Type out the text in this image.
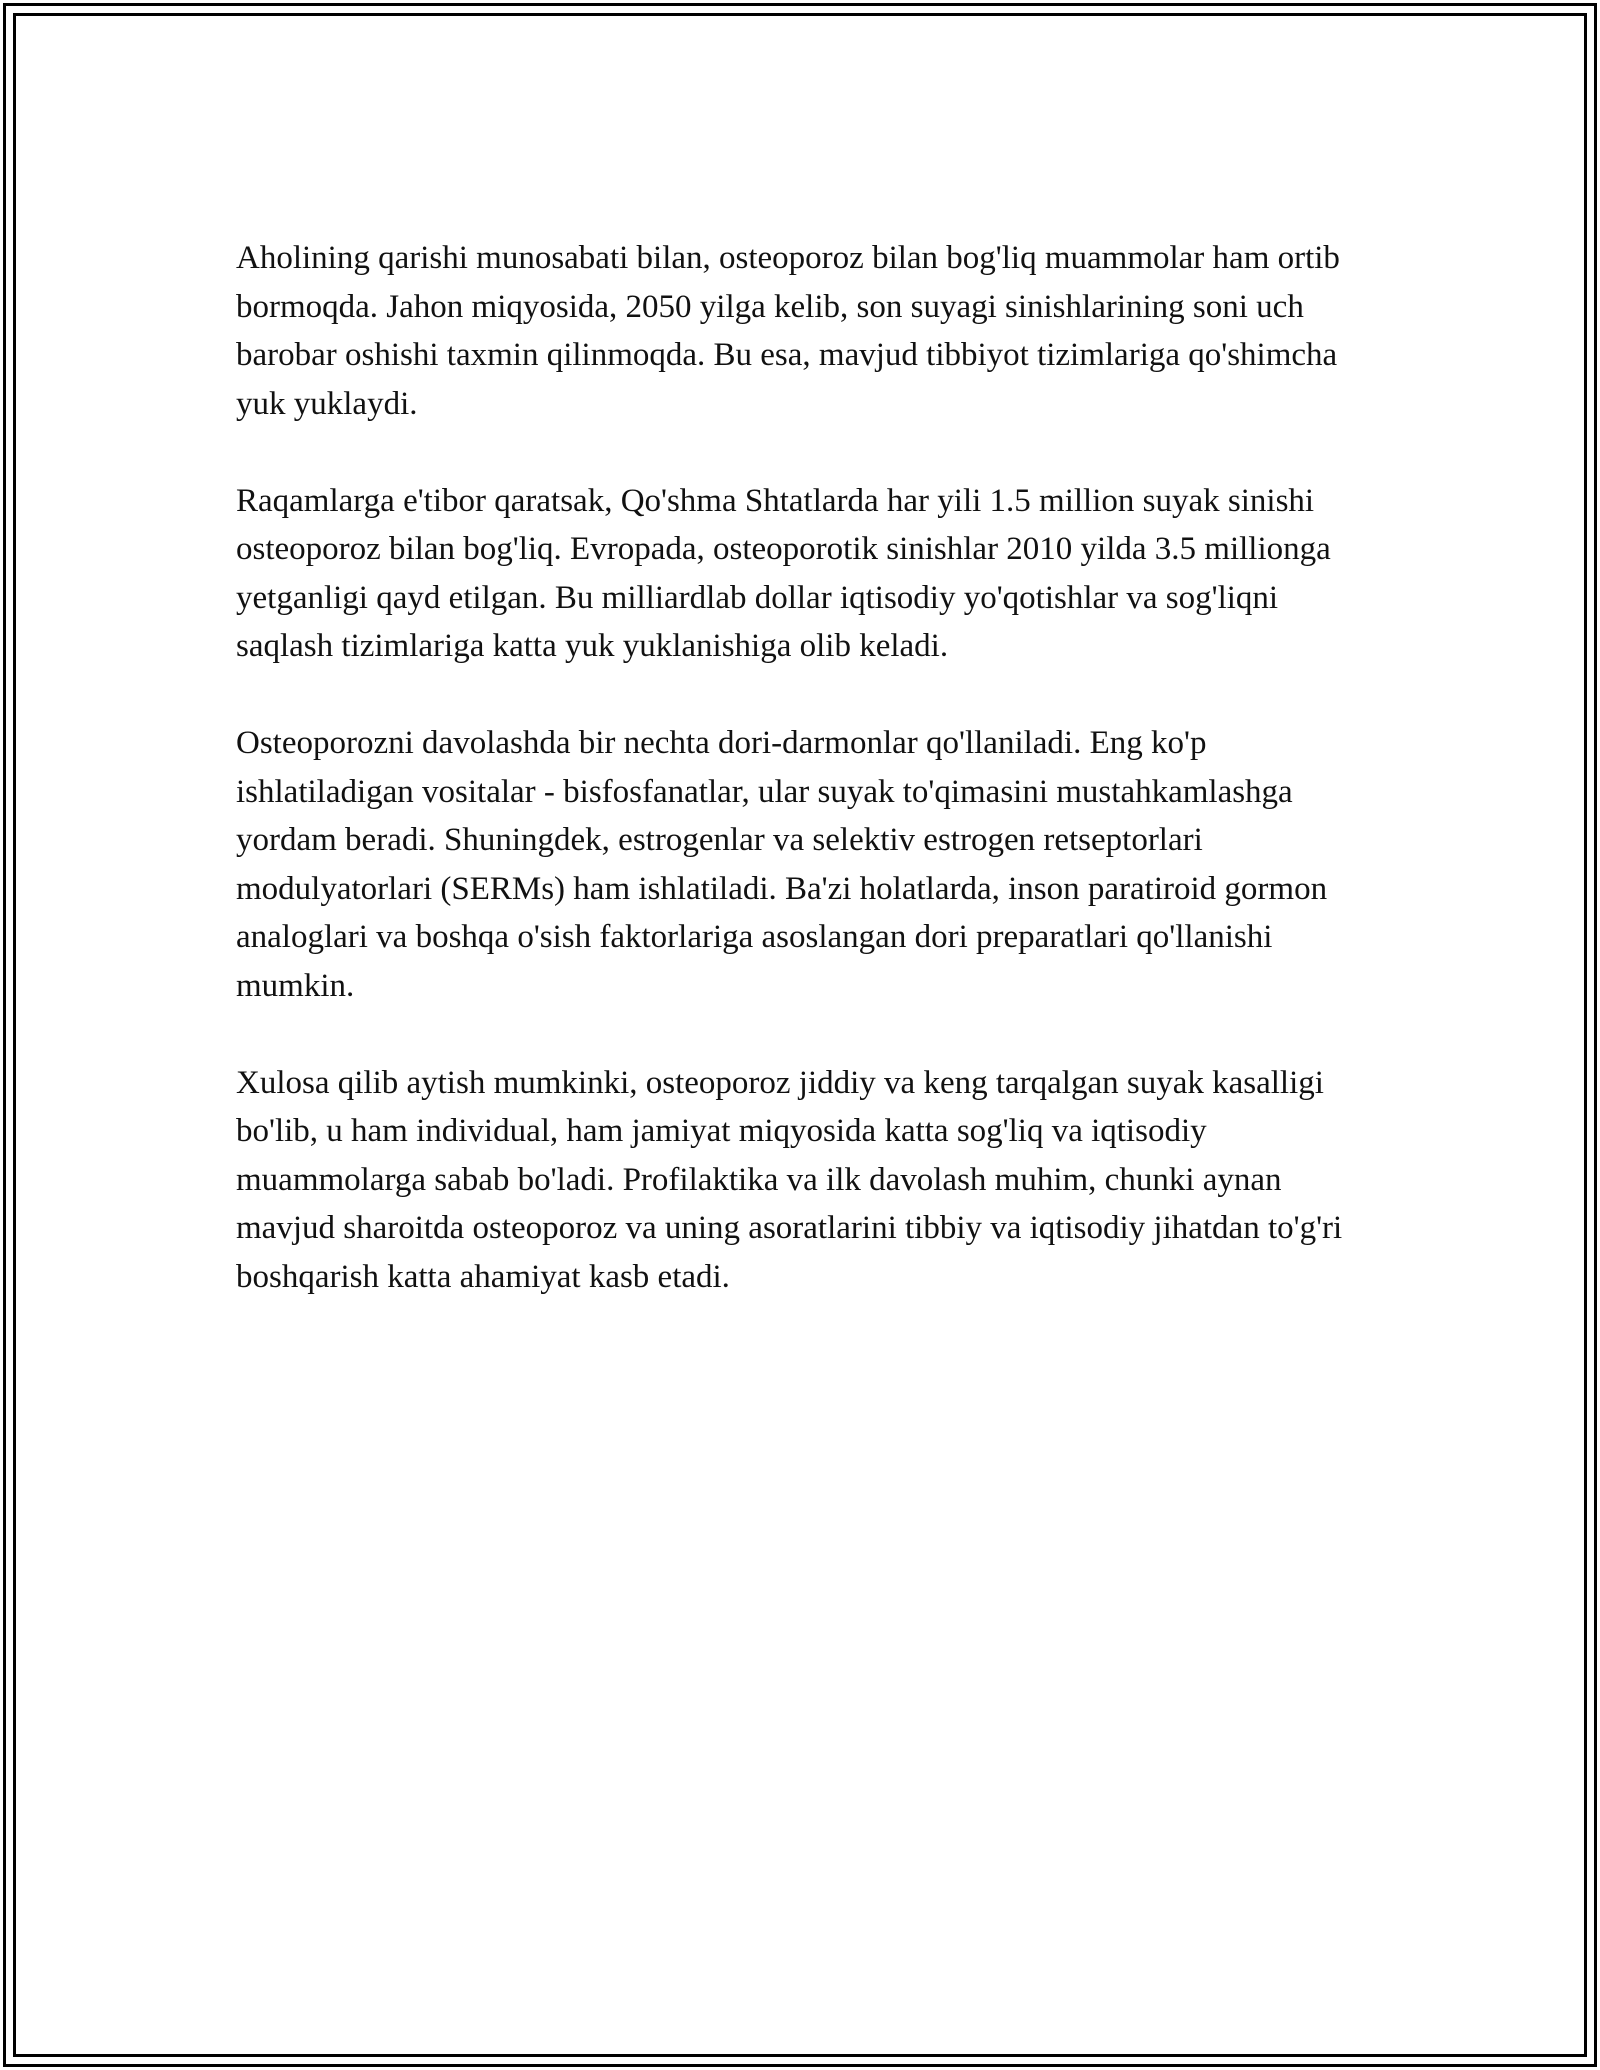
Aholining qarishi munosabati bilan, osteoporoz bilan bog'liq muammolar ham ortib bormoqda. Jahon miqyosida, 2050 yilga kelib, son suyagi sinishlarining soni uch barobar oshishi taxmin qilinmoqda. Bu esa, mavjud tibbiyot tizimlariga qo'shimcha yuk yuklaydi.

Raqamlarga e'tibor qaratsak, Qo'shma Shtatlarda har yili 1.5 million suyak sinishi osteoporoz bilan bog'liq. Evropada, osteoporotik sinishlar 2010 yilda 3.5 millionga yetganligi qayd etilgan. Bu milliardlab dollar iqtisodiy yo'qotishlar va sog'liqni saqlash tizimlariga katta yuk yuklanishiga olib keladi.

Osteoporozni davolashda bir nechta dori-darmonlar qo'llaniladi. Eng ko'p ishlatiladigan vositalar - bisfosfanatlar, ular suyak to'qimasini mustahkamlashga yordam beradi. Shuningdek, estrogenlar va selektiv estrogen retseptorlari modulyatorlari (SERMs) ham ishlatiladi. Ba'zi holatlarda, inson paratiroid gormon analoglari va boshqa o'sish faktorlariga asoslangan dori preparatlari qo'llanishi mumkin.

Xulosa qilib aytish mumkinki, osteoporoz jiddiy va keng tarqalgan suyak kasalligi bo'lib, u ham individual, ham jamiyat miqyosida katta sog'liq va iqtisodiy muammolarga sabab bo'ladi. Profilaktika va ilk davolash muhim, chunki aynan mavjud sharoitda osteoporoz va uning asoratlarini tibbiy va iqtisodiy jihatdan to'g'ri boshqarish katta ahamiyat kasb etadi.
